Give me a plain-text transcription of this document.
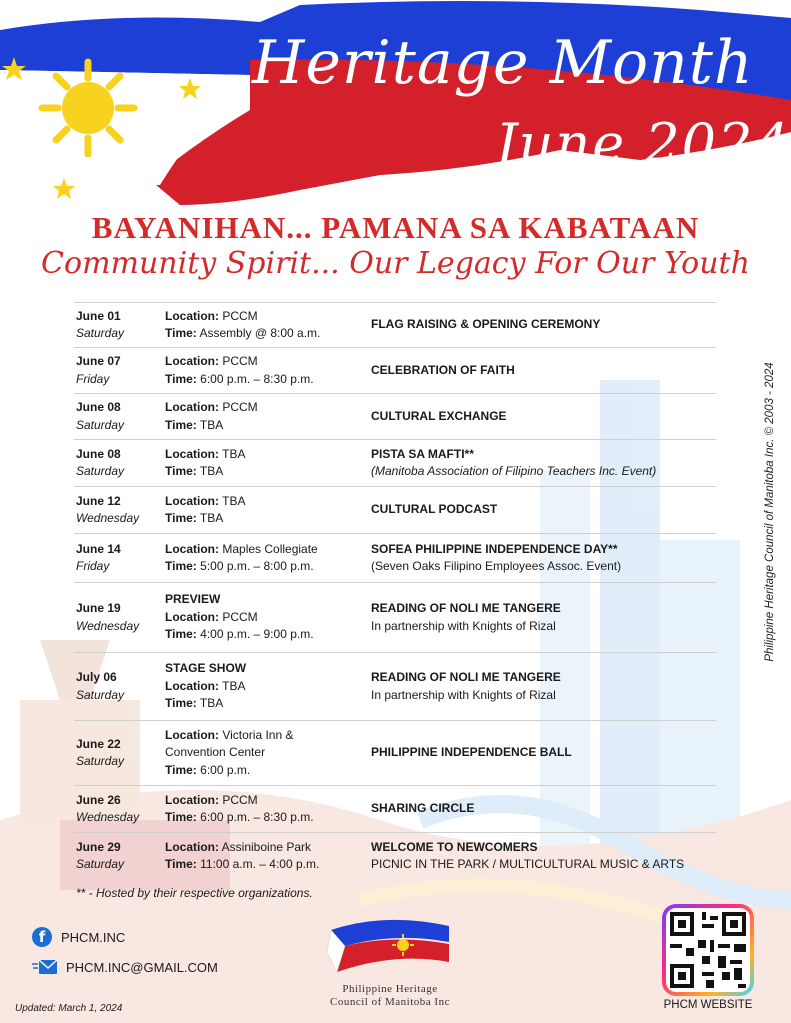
Heritage Month
June 2024
BAYANIHAN... PAMANA SA KABATAAN
Community Spirit... Our Legacy For Our Youth
Philippine Heritage Council of Manitoba Inc. © 2003 - 2024
June 01
Saturday
Location: PCCM
Time: Assembly @ 8:00 a.m.
FLAG RAISING & OPENING CEREMONY
June 07
Friday
Location: PCCM
Time: 6:00 p.m. – 8:30 p.m.
CELEBRATION OF FAITH
June 08
Saturday
Location: PCCM
Time: TBA
CULTURAL EXCHANGE
June 08
Saturday
Location: TBA
Time: TBA
PISTA SA MAFTI**
(Manitoba Association of Filipino Teachers Inc. Event)
June 12
Wednesday
Location: TBA
Time: TBA
CULTURAL PODCAST
June 14
Friday
Location: Maples Collegiate
Time: 5:00 p.m. – 8:00 p.m.
SOFEA PHILIPPINE INDEPENDENCE DAY**
(Seven Oaks Filipino Employees Assoc. Event)
June 19
Wednesday
PREVIEW
Location: PCCM
Time: 4:00 p.m. – 9:00 p.m.
READING OF NOLI ME TANGERE
In partnership with Knights of Rizal
July 06
Saturday
STAGE SHOW
Location: TBA
Time: TBA
READING OF NOLI ME TANGERE
In partnership with Knights of Rizal
June 22
Saturday
Location: Victoria Inn &
Convention Center
Time: 6:00 p.m.
PHILIPPINE INDEPENDENCE BALL
June 26
Wednesday
Location: PCCM
Time: 6:00 p.m. – 8:30 p.m.
SHARING CIRCLE
June 29
Saturday
Location: Assiniboine Park
Time: 11:00 a.m. – 4:00 p.m.
WELCOME TO NEWCOMERS
PICNIC IN THE PARK / MULTICULTURAL MUSIC & ARTS
** - Hosted by their respective organizations.
f	PHCM.INC
PHCM.INC@GMAIL.COM
Updated: March 1, 2024
Philippine Heritage
Council of Manitoba Inc	PHCM WEBSITE
